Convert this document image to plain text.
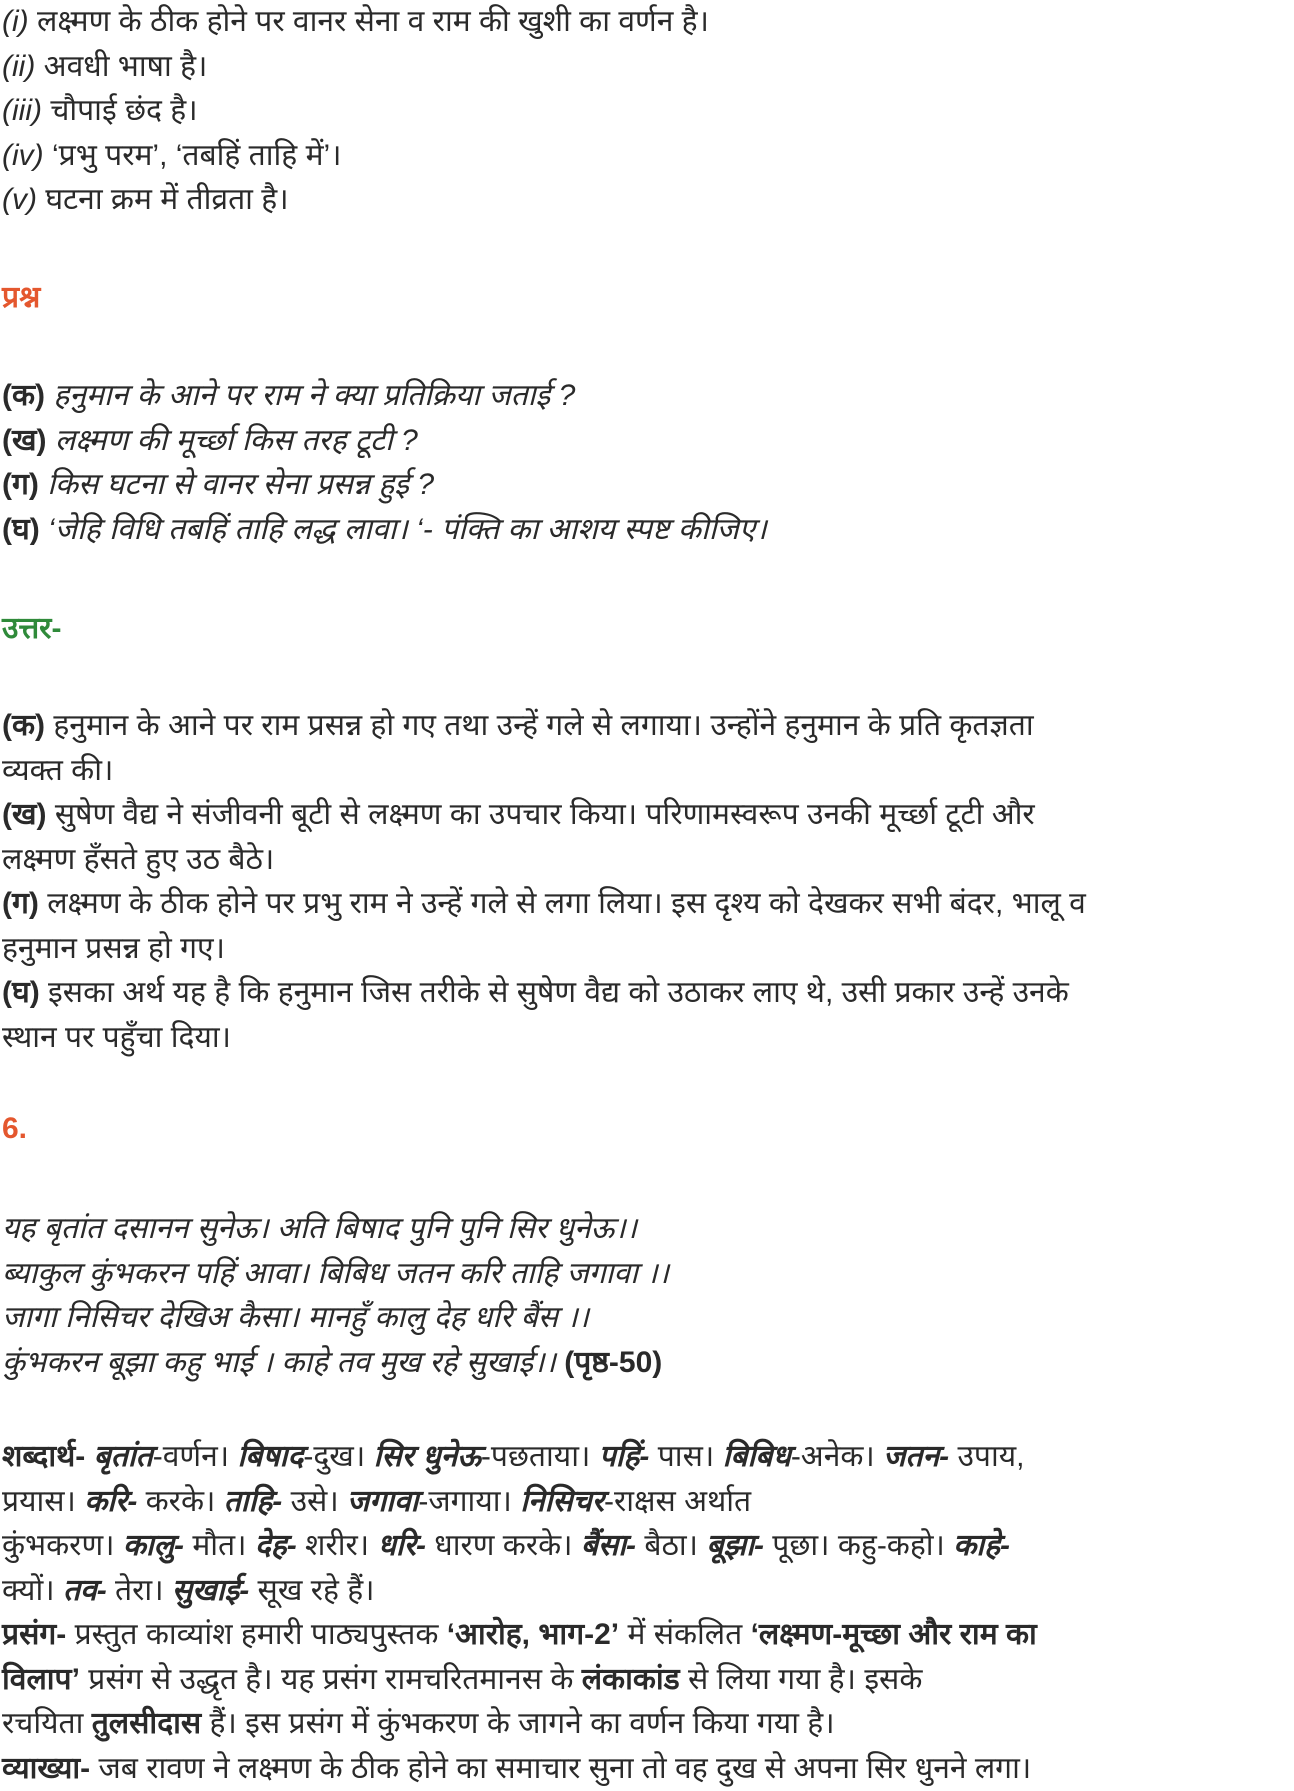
(i) लक्ष्मण के ठीक होने पर वानर सेना व राम की खुशी का वर्णन है।
(ii) अवधी भाषा है।
(iii) चौपाई छंद है।
(iv) ‘प्रभु परम’, ‘तबहिं ताहि में’।
(v) घटना क्रम में तीव्रता है।
प्रश्न
(क) हनुमान के आने पर राम ने क्या प्रतिक्रिया जताई ?
(ख) लक्ष्मण की मूर्च्छा किस तरह टूटी ?
(ग) किस घटना से वानर सेना प्रसन्न हुई ?
(घ) ‘जेहि विधि तबहिं ताहि लद्ध लावा। ‘- पंक्ति का आशय स्पष्ट कीजिए।
उत्तर-
(क) हनुमान के आने पर राम प्रसन्न हो गए तथा उन्हें गले से लगाया। उन्होंने हनुमान के प्रति कृतज्ञता
व्यक्त की।
(ख) सुषेण वैद्य ने संजीवनी बूटी से लक्ष्मण का उपचार किया। परिणामस्वरूप उनकी मूर्च्छा टूटी और
लक्ष्मण हँसते हुए उठ बैठे।
(ग) लक्ष्मण के ठीक होने पर प्रभु राम ने उन्हें गले से लगा लिया। इस दृश्य को देखकर सभी बंदर, भालू व
हनुमान प्रसन्न हो गए।
(घ) इसका अर्थ यह है कि हनुमान जिस तरीके से सुषेण वैद्य को उठाकर लाए थे, उसी प्रकार उन्हें उनके
स्थान पर पहुँचा दिया।
6.
यह बृतांत दसानन सुनेऊ। अति बिषाद पुनि पुनि सिर धुनेऊ।।
ब्याकुल कुंभकरन पहिं आवा। बिबिध जतन करि ताहि जगावा ।।
जागा निसिचर देखिअ कैसा। मानहुँ कालु देह धरि बैंस ।।
कुंभकरन बूझा कहु भाई । काहे तव मुख रहे सुखाई।। (पृष्ठ-50)
शब्दार्थ- बृतांत-वर्णन। बिषाद-दुख। सिर धुनेऊ-पछताया। पहिं- पास। बिबिध-अनेक। जतन- उपाय,
प्रयास। करि- करके। ताहि- उसे। जगावा-जगाया। निसिचर-राक्षस अर्थात
कुंभकरण। कालु- मौत। देह- शरीर। धरि- धारण करके। बैंसा- बैठा। बूझा- पूछा। कहु-कहो। काहे-
क्यों। तव- तेरा। सुखाई- सूख रहे हैं।
प्रसंग- प्रस्तुत काव्यांश हमारी पाठ्यपुस्तक ‘आरोह, भाग-2’ में संकलित ‘लक्ष्मण-मूच्छा और राम का
विलाप’ प्रसंग से उद्धृत है। यह प्रसंग रामचरितमानस के लंकाकांड से लिया गया है। इसके
रचयिता तुलसीदास हैं। इस प्रसंग में कुंभकरण के जागने का वर्णन किया गया है।
व्याख्या- जब रावण ने लक्ष्मण के ठीक होने का समाचार सुना तो वह दुख से अपना सिर धुनने लगा।
